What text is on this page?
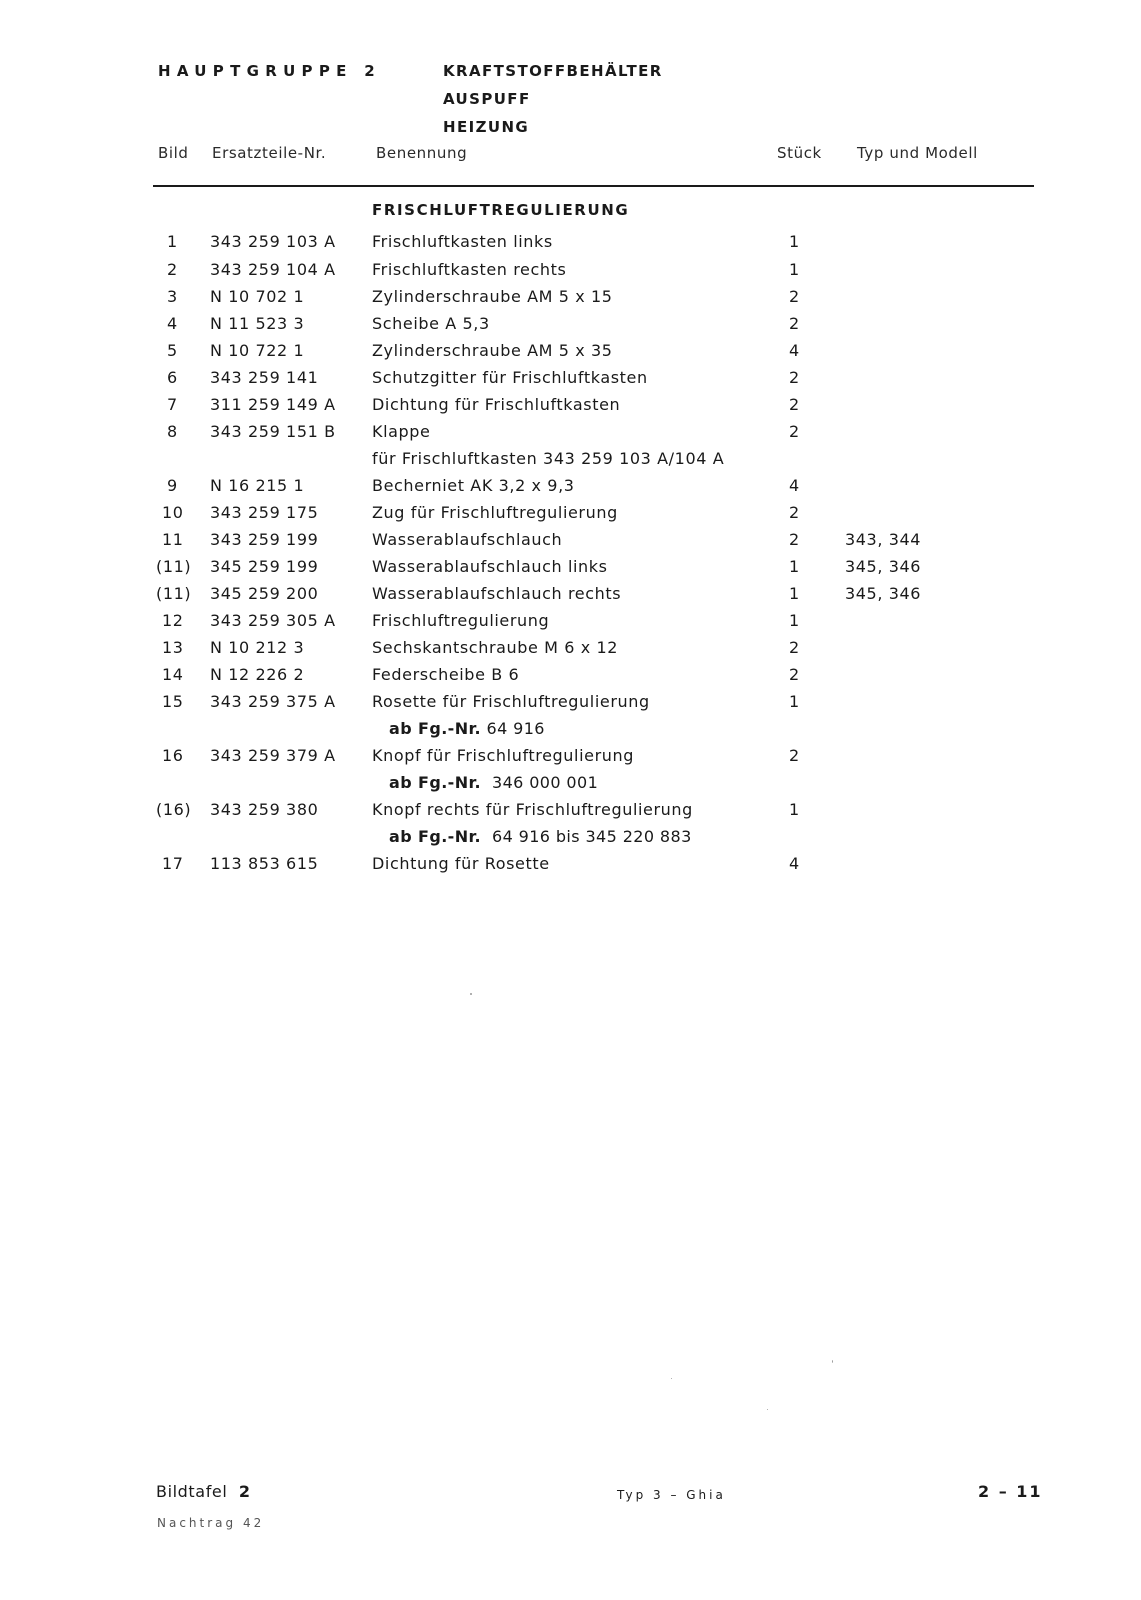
HAUPTGRUPPE 2	KRAFTSTOFFBEHÄLTER
AUSPUFF
HEIZUNG
Bild Ersatzteile-Nr.	Benennung	Stück Typ und Modell
FRISCHLUFTREGULIERUNG
1 343 259 103 A Frischluftkasten links	1
2 343 259 104 A Frischluftkasten rechts	1
3 N 10 702 1	Zylinderschraube AM 5 x 15	2
4 N 11 523 3	Scheibe A 5,3	2
5 N 10 722 1	Zylinderschraube AM 5 x 35	4
6 343 259 141	Schutzgitter für Frischluftkasten	2
7 311 259 149 A Dichtung für Frischluftkasten	2
8 343 259 151 B Klappe	2
für Frischluftkasten 343 259 103 A/104 A
9 N 16 215 1	Becherniet AK 3,2 x 9,3	4
10 343 259 175	Zug für Frischluftregulierung	2
11 343 259 199	Wasserablaufschlauch	2	343, 344
(11) 345 259 199	Wasserablaufschlauch links	1	345, 346
(11) 345 259 200	Wasserablaufschlauch rechts	1	345, 346
12 343 259 305 A Frischluftregulierung	1
13 N 10 212 3	Sechskantschraube M 6 x 12	2
14 N 12 226 2	Federscheibe B 6	2
15 343 259 375 A Rosette für Frischluftregulierung	1
ab Fg.-Nr. 64 916
16 343 259 379 A Knopf für Frischluftregulierung	2
ab Fg.-Nr. 346 000 001
(16) 343 259 380	Knopf rechts für Frischluftregulierung	1
ab Fg.-Nr. 64 916 bis 345 220 883
17 113 853 615	Dichtung für Rosette	4
Bildtafel 2	Typ 3 – Ghia	2 – 11
Nachtrag 42
